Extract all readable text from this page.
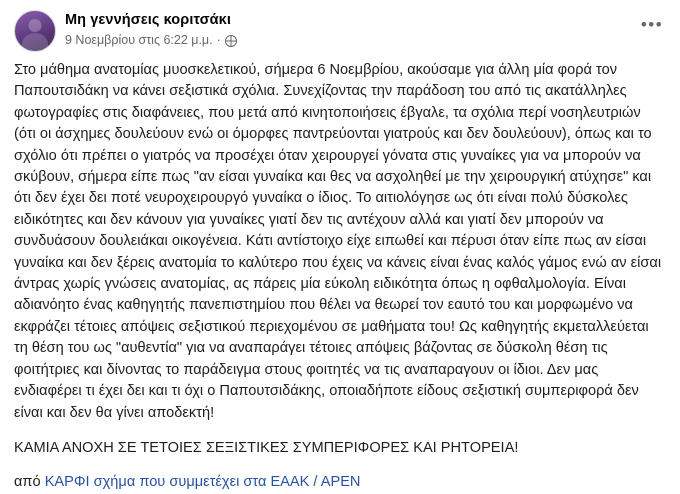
Μη γεννήσεις κοριτσάκι
9 Νοεμβρίου στις 6:22 μ.μ. ·
•••

Στο μάθημα ανατομίας μυοσκελετικού, σήμερα 6 Νοεμβρίου, ακούσαμε για άλλη μία φορά τον Παπουτσιδάκη να κάνει σεξιστικά σχόλια. Συνεχίζοντας την παράδοση του από τις ακατάλληλες φωτογραφίες στις διαφάνειες, που μετά από κινητοποιήσεις έβγαλε, τα σχόλια περί νοσηλευτριών (ότι οι άσχημες δουλεύουν ενώ οι όμορφες παντρεύονται γιατρούς και δεν δουλεύουν), όπως και το σχόλιο ότι πρέπει ο γιατρός να προσέχει όταν χειρουργεί γόνατα στις γυναίκες για να μπορούν να σκύβουν, σήμερα είπε πως "αν είσαι γυναίκα και θες να ασχοληθεί με την χειρουργική ατύχησε" και ότι δεν έχει δει ποτέ νευροχειρουργό γυναίκα ο ίδιος. Το αιτιολόγησε ως ότι είναι πολύ δύσκολες ειδικότητες και δεν κάνουν για γυναίκες γιατί δεν τις αντέχουν αλλά και γιατί δεν μπορούν να συνδυάσουν δουλειάκαι οικογένεια. Κάτι αντίστοιχο είχε ειπωθεί και πέρυσι όταν είπε πως αν είσαι γυναίκα και δεν ξέρεις ανατομία το καλύτερο που έχεις να κάνεις είναι ένας καλός γάμος ενώ αν είσαι άντρας χωρίς γνώσεις ανατομίας, ας πάρεις μία εύκολη ειδικότητα όπως η οφθαλμολογία. Είναι αδιανόητο ένας καθηγητής πανεπιστημίου που θέλει να θεωρεί τον εαυτό του και μορφωμένο να εκφράζει τέτοιες απόψεις σεξιστικού περιεχομένου σε μαθήματα του! Ως καθηγητής εκμεταλλεύεται τη θέση του ως "αυθεντία" για να αναπαράγει τέτοιες απόψεις βάζοντας σε δύσκολη θέση τις φοιτήτριες και δίνοντας το παράδειγμα στους φοιτητές να τις αναπαραγουν οι ίδιοι. Δεν μας ενδιαφέρει τι έχει δει και τι όχι ο Παπουτσιδάκης, οποιαδήποτε είδους σεξιστική συμπεριφορά δεν είναι και δεν θα γίνει αποδεκτή!

ΚΑΜΙΑ ΑΝΟΧΗ ΣΕ ΤΕΤΟΙΕΣ ΣΕΞΙΣΤΙΚΕΣ ΣΥΜΠΕΡΙΦΟΡΕΣ ΚΑΙ ΡΗΤΟΡΕΙΑ!

από ΚΑΡΦΙ σχήμα που συμμετέχει στα ΕΑΑΚ / ΑΡΕΝ
